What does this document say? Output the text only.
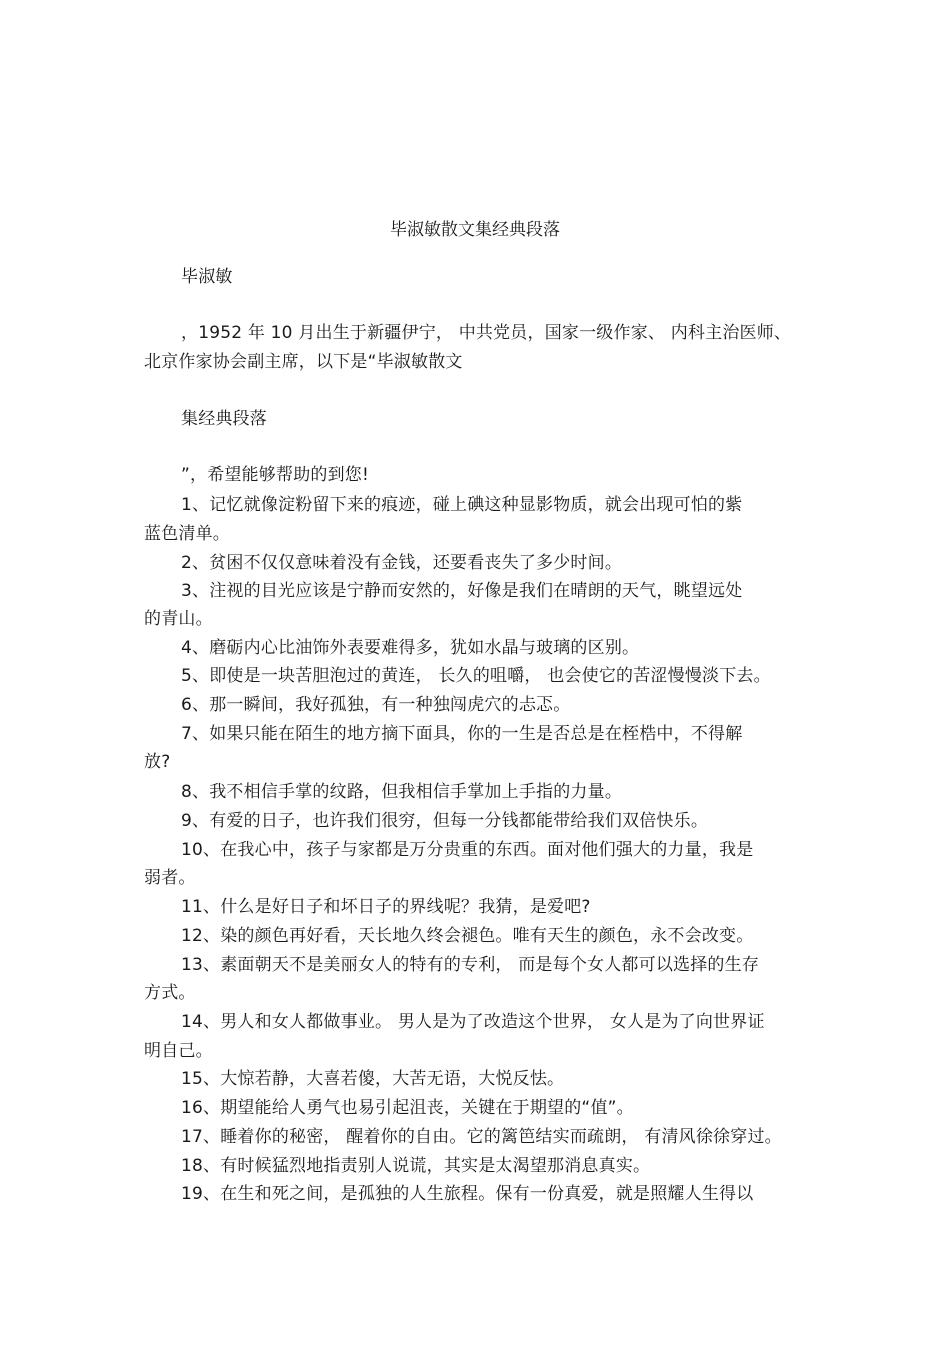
毕淑敏散文集经典段落
毕淑敏
，1952 年 10 月出生于新疆伊宁， 中共党员，国家一级作家、 内科主治医师、
北京作家协会副主席，以下是“毕淑敏散文
集经典段落
”，希望能够帮助的到您!
1、记忆就像淀粉留下来的痕迹，碰上碘这种显影物质，就会出现可怕的紫
蓝色清单。
2、贫困不仅仅意味着没有金钱，还要看丧失了多少时间。
3、注视的目光应该是宁静而安然的，好像是我们在晴朗的天气，眺望远处
的青山。
4、磨砺内心比油饰外表要难得多，犹如水晶与玻璃的区别。
5、即使是一块苦胆泡过的黄连， 长久的咀嚼， 也会使它的苦涩慢慢淡下去。
6、那一瞬间，我好孤独，有一种独闯虎穴的忐忑。
7、如果只能在陌生的地方摘下面具，你的一生是否总是在桎梏中，不得解
放?
8、我不相信手掌的纹路，但我相信手掌加上手指的力量。
9、有爱的日子，也许我们很穷，但每一分钱都能带给我们双倍快乐。
10、在我心中，孩子与家都是万分贵重的东西。面对他们强大的力量，我是
弱者。
11、什么是好日子和坏日子的界线呢？我猜，是爱吧?
12、染的颜色再好看，天长地久终会褪色。唯有天生的颜色，永不会改变。
13、素面朝天不是美丽女人的特有的专利， 而是每个女人都可以选择的生存
方式。
14、男人和女人都做事业。 男人是为了改造这个世界， 女人是为了向世界证
明自己。
15、大惊若静，大喜若傻，大苦无语，大悦反怯。
16、期望能给人勇气也易引起沮丧，关键在于期望的“值”。
17、睡着你的秘密， 醒着你的自由。它的篱笆结实而疏朗， 有清风徐徐穿过。
18、有时候猛烈地指责别人说谎，其实是太渴望那消息真实。
19、在生和死之间，是孤独的人生旅程。保有一份真爱，就是照耀人生得以
